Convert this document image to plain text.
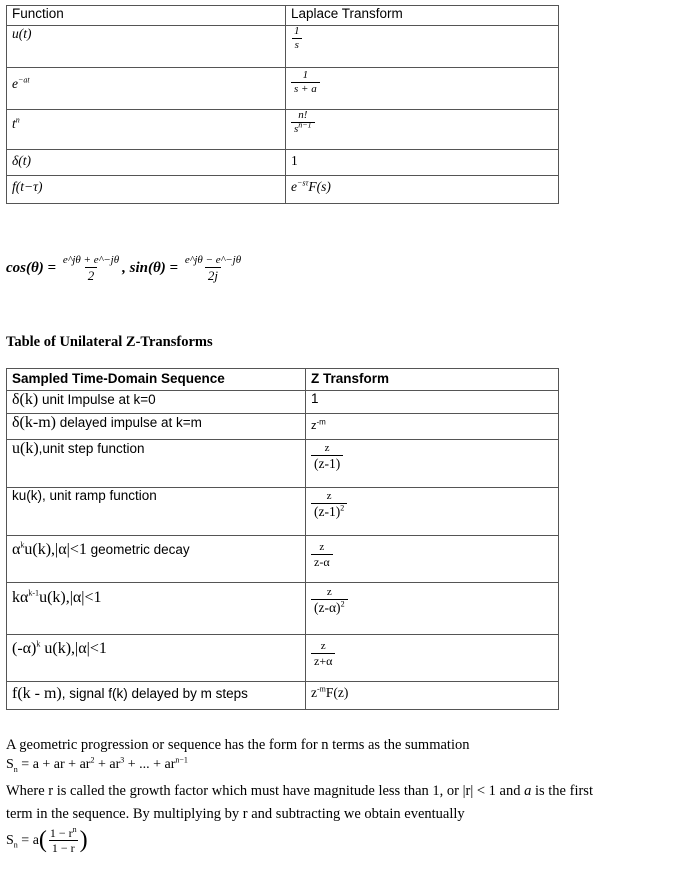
Function	Laplace Transform
u(t)	$\frac{1}{s}$

$e^{-at}$	$\frac{1}{s + a}$

$t^n$	$\frac{n!}{s^{n-1}}$

δ(t)	1
f(t−τ)	$e^{-s\tau}F(s)$
$\cos(\theta) = \frac{e\^{}j\theta + e\^{}-j\theta}{2}$ , $\sin(\theta) = \frac{e\^{}j\theta - e\^{}-j\theta}{2j}$
Table of Unilateral Z-Transforms
Sampled Time-Domain Sequence	Z Transform
δ(k) unit Impulse at k=0	1
δ(k-m) delayed impulse at k=m	$z^{-m}$
u(k),unit step function	$\frac{z}{(z-1)}$

ku(k), unit ramp function	$\frac{z}{(z-1)^2}$

$\alpha^ku(k),|\alpha|<1$ geometric decay	$\frac{z}{z-\alpha}$

$k\alpha^{k-1}u(k),|\alpha|<1$	$\frac{z}{(z-\alpha)^2}$

$(-\alpha)^k$ u(k),|α|<1	$\frac{z}{z+\alpha}$

f(k - m), signal f(k) delayed by m steps	$z^{-m}F(z)$
A geometric progression or sequence has the form for n terms as the summation
$S_n = a$ + ar + $ar^2 + ar^3$ + ... + $ar^{n-1}$
Where r is called the growth factor which must have magnitude less than 1, or |r| < 1 and a is the first
term in the sequence. By multiplying by r and subtracting we obtain eventually
$S_n = a( \frac{1 - r^n}{1 - r}$ )
